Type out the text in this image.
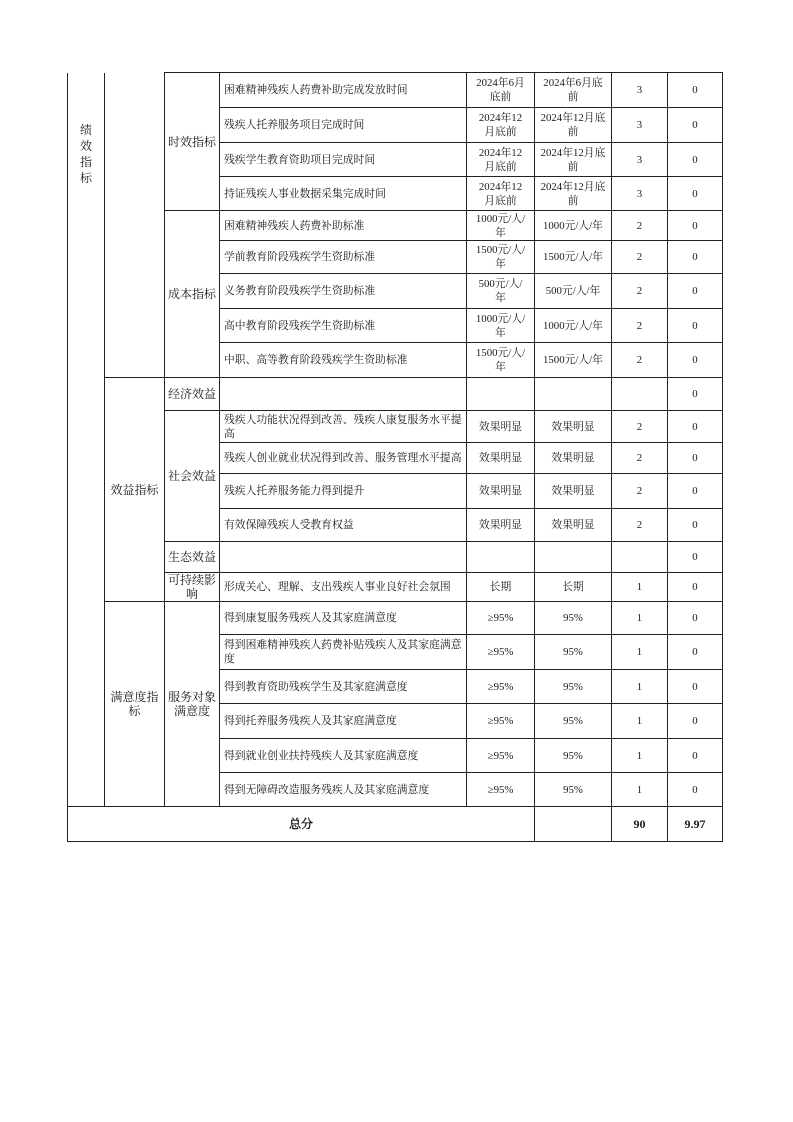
绩效指标		时效指标	困难精神残疾人药费补助完成发放时间	2024年6月底前	2024年6月底前	3	0
			残疾人托养服务项目完成时间	2024年12月底前	2024年12月底前	3	0
			残疾学生教育资助项目完成时间	2024年12月底前	2024年12月底前	3	0
			持证残疾人事业数据采集完成时间	2024年12月底前	2024年12月底前	3	0
		成本指标	困难精神残疾人药费补助标准	1000元/人/年	1000元/人/年	2	0
			学前教育阶段残疾学生资助标准	1500元/人/年	1500元/人/年	2	0
			义务教育阶段残疾学生资助标准	500元/人/年	500元/人/年	2	0
			高中教育阶段残疾学生资助标准	1000元/人/年	1000元/人/年	2	0
			中职、高等教育阶段残疾学生资助标准	1500元/人/年	1500元/人/年	2	0
	效益指标	经济效益					0
		社会效益	残疾人功能状况得到改善、残疾人康复服务水平提高	效果明显	效果明显	2	0
			残疾人创业就业状况得到改善、服务管理水平提高	效果明显	效果明显	2	0
			残疾人托养服务能力得到提升	效果明显	效果明显	2	0
			有效保障残疾人受教育权益	效果明显	效果明显	2	0
		生态效益					0
		可持续影响	形成关心、理解、支出残疾人事业良好社会氛围	长期	长期	1	0
	满意度指标	服务对象满意度	得到康复服务残疾人及其家庭满意度	≥95%	95%	1	0
			得到困难精神残疾人药费补贴残疾人及其家庭满意度	≥95%	95%	1	0
			得到教育资助残疾学生及其家庭满意度	≥95%	95%	1	0
			得到托养服务残疾人及其家庭满意度	≥95%	95%	1	0
			得到就业创业扶持残疾人及其家庭满意度	≥95%	95%	1	0
			得到无障碍改造服务残疾人及其家庭满意度	≥95%	95%	1	0
总分						90	9.97
